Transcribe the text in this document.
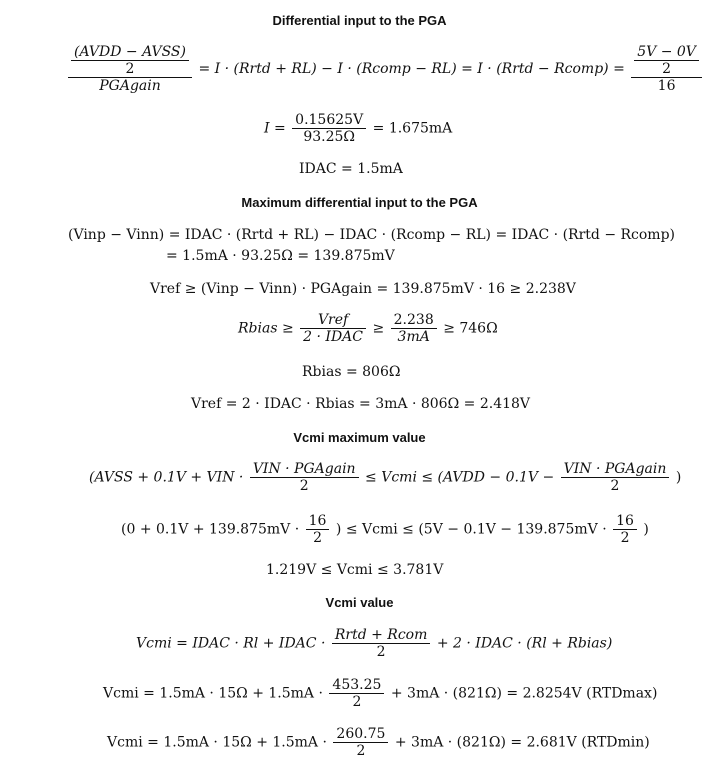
Differential input to the PGA
$\frac{\frac{\text{(AVDD − AVSS)}}{2}}{\text{PGAgain}} = I$ · (Rrtd + RL) − I · (Rcomp − RL) = I · (Rrtd − Rcomp) = $\frac{\frac{5V - 0V}{2}}{16}$
$I = \frac{0.15625V}{93.25\Omega} = 1.675mA$
IDAC = 1.5mA
Maximum differential input to the PGA
(Vinp − Vinn) = IDAC · (Rrtd + RL) − IDAC · (Rcomp − RL) = IDAC · (Rrtd − Rcomp)
= 1.5mA · 93.25Ω = 139.875mV
Vref ≥ (Vinp − Vinn) · PGAgain = 139.875mV · 16 ≥ 2.238V
Rbias ≥ $\frac{\text{Vref}}{\text{2 · IDAC}} \ge \frac{2.238}{3mA} \ge 746\Omega$
Rbias = 806Ω
Vref = 2 · IDAC · Rbias = 3mA · 806Ω = 2.418V
Vcmi maximum value
(AVSS + 0.1V + VIN · $\frac{\text{VIN · PGAgain}}{2}$ ≤ Vcmi ≤ (AVDD − $0.1V - \frac{\text{VIN · PGAgain}}{2}$ )
($0 + 0.1V + 139.875mV \cdot \frac{16}{2}$ ) ≤ Vcmi ≤ ($5V - 0.1V - 139.875mV \cdot \frac{16}{2}$ )
1.219V ≤ Vcmi ≤ 3.781V
Vcmi value
Vcmi = IDAC · Rl + IDAC · $\frac{\text{Rrtd + Rcom}}{2} + 2$ · IDAC · (Rl + Rbias)
Vcmi = $1.5mA \cdot 15\Omega + 1.5mA \cdot \frac{453.25}{2} + 3mA \cdot (821\Omega) = 2.8254V$ (RTDmax)
Vcmi = $1.5mA \cdot 15\Omega + 1.5mA \cdot \frac{260.75}{2} + 3mA \cdot (821\Omega) = 2.681V$ (RTDmin)
